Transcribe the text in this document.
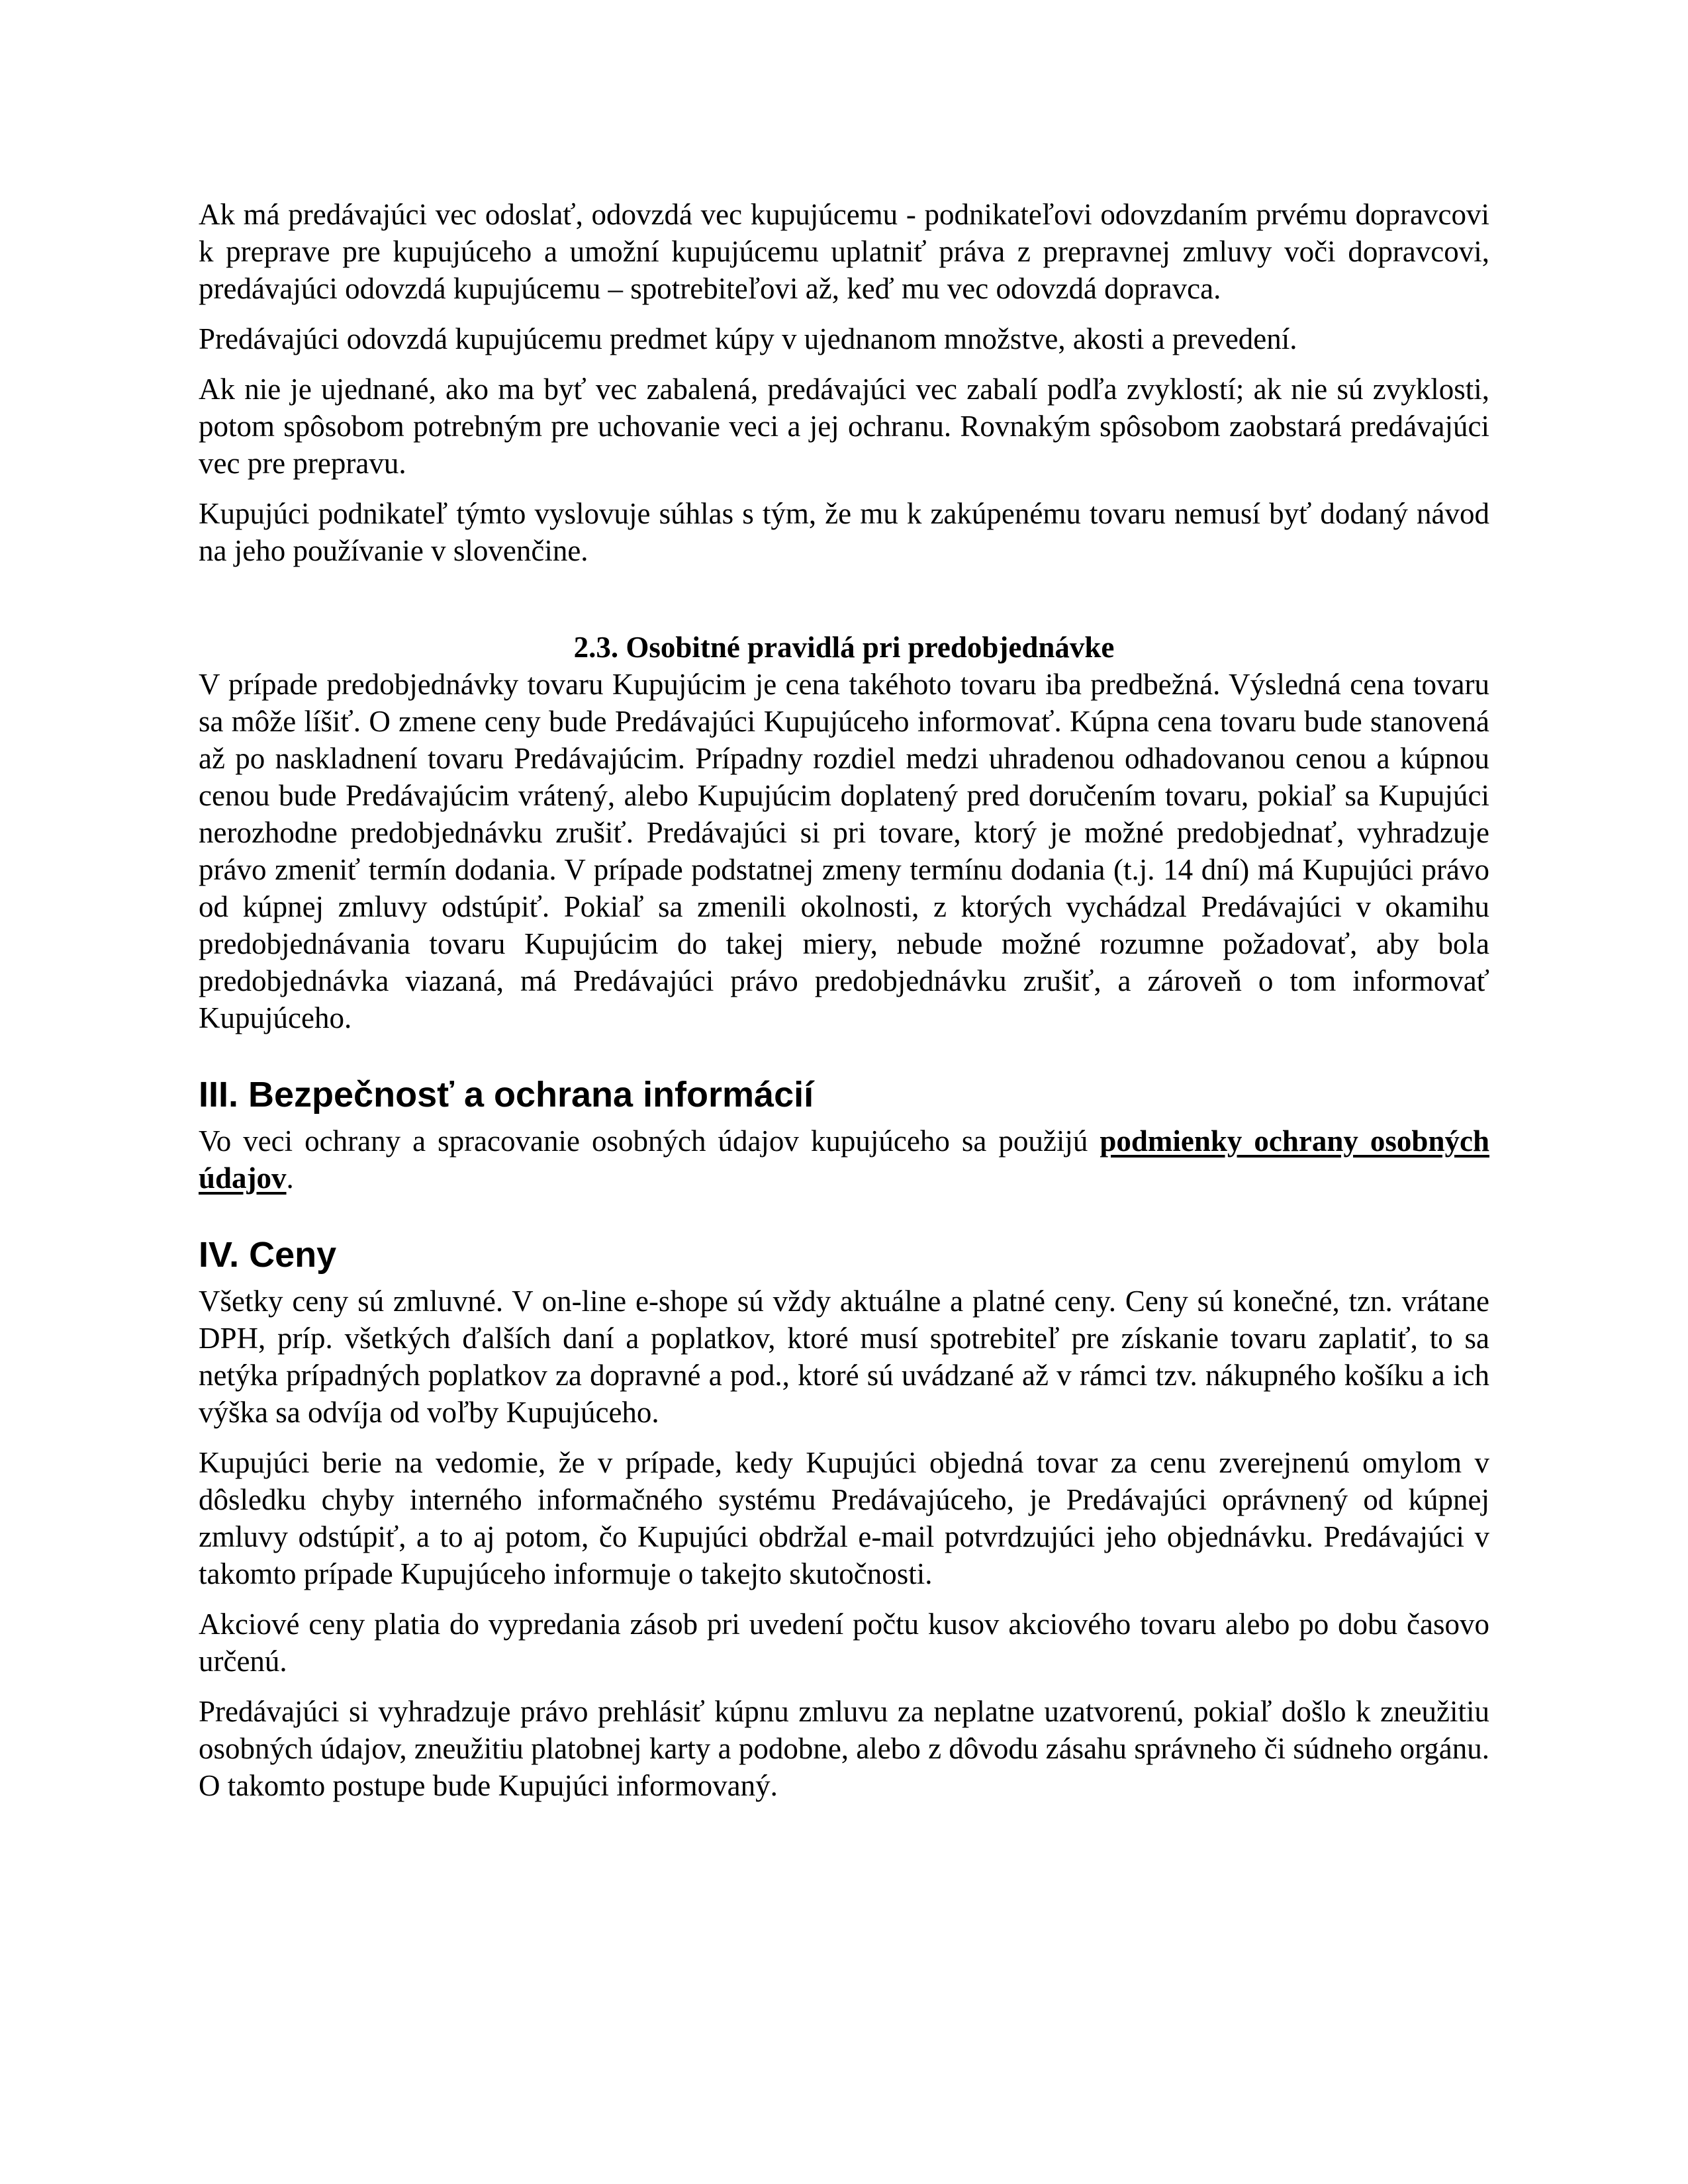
Ak má predávajúci vec odoslať, odovzdá vec kupujúcemu - podnikateľovi odovzdaním prvému dopravcovi k preprave pre kupujúceho a umožní kupujúcemu uplatniť práva z prepravnej zmluvy voči dopravcovi, predávajúci odovzdá kupujúcemu – spotrebiteľovi až, keď mu vec odovzdá dopravca.

Predávajúci odovzdá kupujúcemu predmet kúpy v ujednanom množstve, akosti a prevedení.

Ak nie je ujednané, ako ma byť vec zabalená, predávajúci vec zabalí podľa zvyklostí; ak nie sú zvyklosti, potom spôsobom potrebným pre uchovanie veci a jej ochranu. Rovnakým spôsobom zaobstará predávajúci vec pre prepravu.

Kupujúci podnikateľ týmto vyslovuje súhlas s tým, že mu k zakúpenému tovaru nemusí byť dodaný návod na jeho používanie v slovenčine.

2.3. Osobitné pravidlá pri predobjednávke

V prípade predobjednávky tovaru Kupujúcim je cena takéhoto tovaru iba predbežná. Výsledná cena tovaru sa môže líšiť. O zmene ceny bude Predávajúci Kupujúceho informovať. Kúpna cena tovaru bude stanovená až po naskladnení tovaru Predávajúcim. Prípadny rozdiel medzi uhradenou odhadovanou cenou a kúpnou cenou bude Predávajúcim vrátený, alebo Kupujúcim doplatený pred doručením tovaru, pokiaľ sa Kupujúci nerozhodne predobjednávku zrušiť. Predávajúci si pri tovare, ktorý je možné predobjednať, vyhradzuje právo zmeniť termín dodania. V prípade podstatnej zmeny termínu dodania (t.j. 14 dní) má Kupujúci právo od kúpnej zmluvy odstúpiť. Pokiaľ sa zmenili okolnosti, z ktorých vychádzal Predávajúci v okamihu predobjednávania tovaru Kupujúcim do takej miery, nebude možné rozumne požadovať, aby bola predobjednávka viazaná, má Predávajúci právo predobjednávku zrušiť, a zároveň o tom informovať Kupujúceho.

III. Bezpečnosť a ochrana informácií

Vo veci ochrany a spracovanie osobných údajov kupujúceho sa použijú podmienky ochrany osobných údajov.

IV. Ceny

Všetky ceny sú zmluvné. V on-line e-shope sú vždy aktuálne a platné ceny. Ceny sú konečné, tzn. vrátane DPH, príp. všetkých ďalších daní a poplatkov, ktoré musí spotrebiteľ pre získanie tovaru zaplatiť, to sa netýka prípadných poplatkov za dopravné a pod., ktoré sú uvádzané až v rámci tzv. nákupného košíku a ich výška sa odvíja od voľby Kupujúceho.

Kupujúci berie na vedomie, že v prípade, kedy Kupujúci objedná tovar za cenu zverejnenú omylom v dôsledku chyby interného informačného systému Predávajúceho, je Predávajúci oprávnený od kúpnej zmluvy odstúpiť, a to aj potom, čo Kupujúci obdržal e-mail potvrdzujúci jeho objednávku. Predávajúci v takomto prípade Kupujúceho informuje o takejto skutočnosti.

Akciové ceny platia do vypredania zásob pri uvedení počtu kusov akciového tovaru alebo po dobu časovo určenú.

Predávajúci si vyhradzuje právo prehlásiť kúpnu zmluvu za neplatne uzatvorenú, pokiaľ došlo k zneužitiu osobných údajov, zneužitiu platobnej karty a podobne, alebo z dôvodu zásahu správneho či súdneho orgánu. O takomto postupe bude Kupujúci informovaný.
